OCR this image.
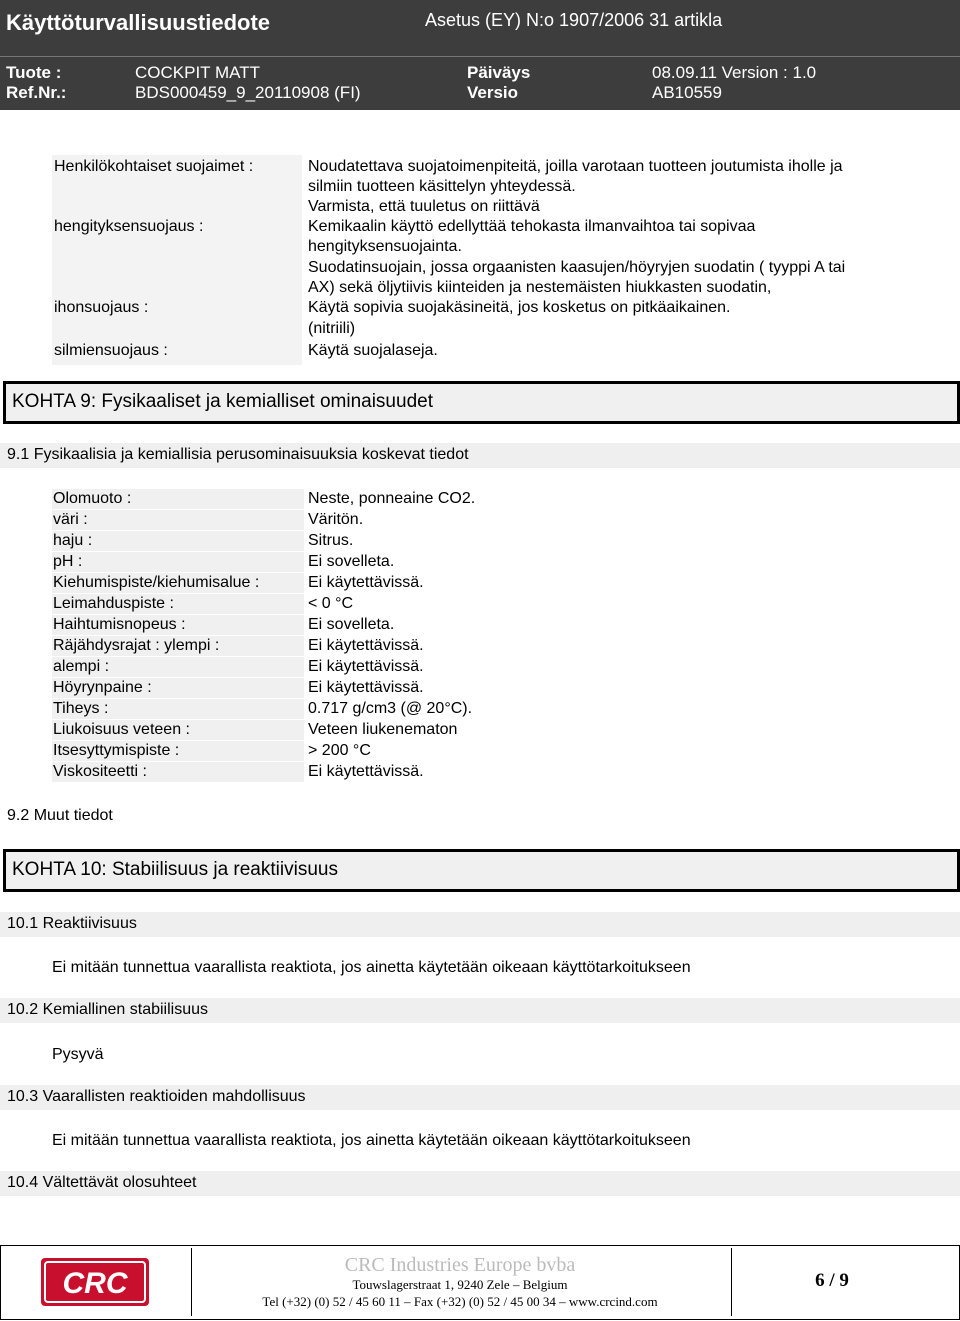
Käyttöturvallisuustiedote	Asetus (EY) N:o 1907/2006 31 artikla
Tuote :	COCKPIT MATT	Päiväys	08.09.11 Version : 1.0
Ref.Nr.:	BDS000459_9_20110908 (FI)	Versio	AB10559
Henkilökohtaiset suojaimet :	Noudatettava suojatoimenpiteitä, joilla varotaan tuotteen joutumista iholle ja
silmiin tuotteen käsittelyn yhteydessä.
Varmista, että tuuletus on riittävä
hengityksensuojaus :	Kemikaalin käyttö edellyttää tehokasta ilmanvaihtoa tai sopivaa
hengityksensuojainta.
Suodatinsuojain, jossa orgaanisten kaasujen/höyryjen suodatin ( tyyppi A tai
AX) sekä öljytiivis kiinteiden ja nestemäisten hiukkasten suodatin,
ihonsuojaus :	Käytä sopivia suojakäsineitä, jos kosketus on pitkäaikainen.
(nitriili)
silmiensuojaus :	Käytä suojalaseja.
KOHTA 9: Fysikaaliset ja kemialliset ominaisuudet
9.1 Fysikaalisia ja kemiallisia perusominaisuuksia koskevat tiedot
Olomuoto :	Neste, ponneaine CO2.
väri :	Väritön.
haju :	Sitrus.
pH :	Ei sovelleta.
Kiehumispiste/kiehumisalue :	Ei käytettävissä.
Leimahduspiste :	< 0 °C
Haihtumisnopeus :	Ei sovelleta.
Räjähdysrajat : ylempi :	Ei käytettävissä.
alempi :	Ei käytettävissä.
Höyrynpaine :	Ei käytettävissä.
Tiheys :	0.717 g/cm3 (@ 20°C).
Liukoisuus veteen :	Veteen liukenematon
Itsesyttymispiste :	> 200 °C
Viskositeetti :	Ei käytettävissä.
9.2 Muut tiedot
KOHTA 10: Stabiilisuus ja reaktiivisuus
10.1 Reaktiivisuus
Ei mitään tunnettua vaarallista reaktiota, jos ainetta käytetään oikeaan käyttötarkoitukseen
10.2 Kemiallinen stabiilisuus
Pysyvä
10.3 Vaarallisten reaktioiden mahdollisuus
Ei mitään tunnettua vaarallista reaktiota, jos ainetta käytetään oikeaan käyttötarkoitukseen
10.4 Vältettävät olosuhteet
CRC
CRC Industries Europe bvba
Touwslagerstraat 1, 9240 Zele – Belgium
Tel (+32) (0) 52 / 45 60 11 – Fax (+32) (0) 52 / 45 00 34 – www.crcind.com
6 / 9
